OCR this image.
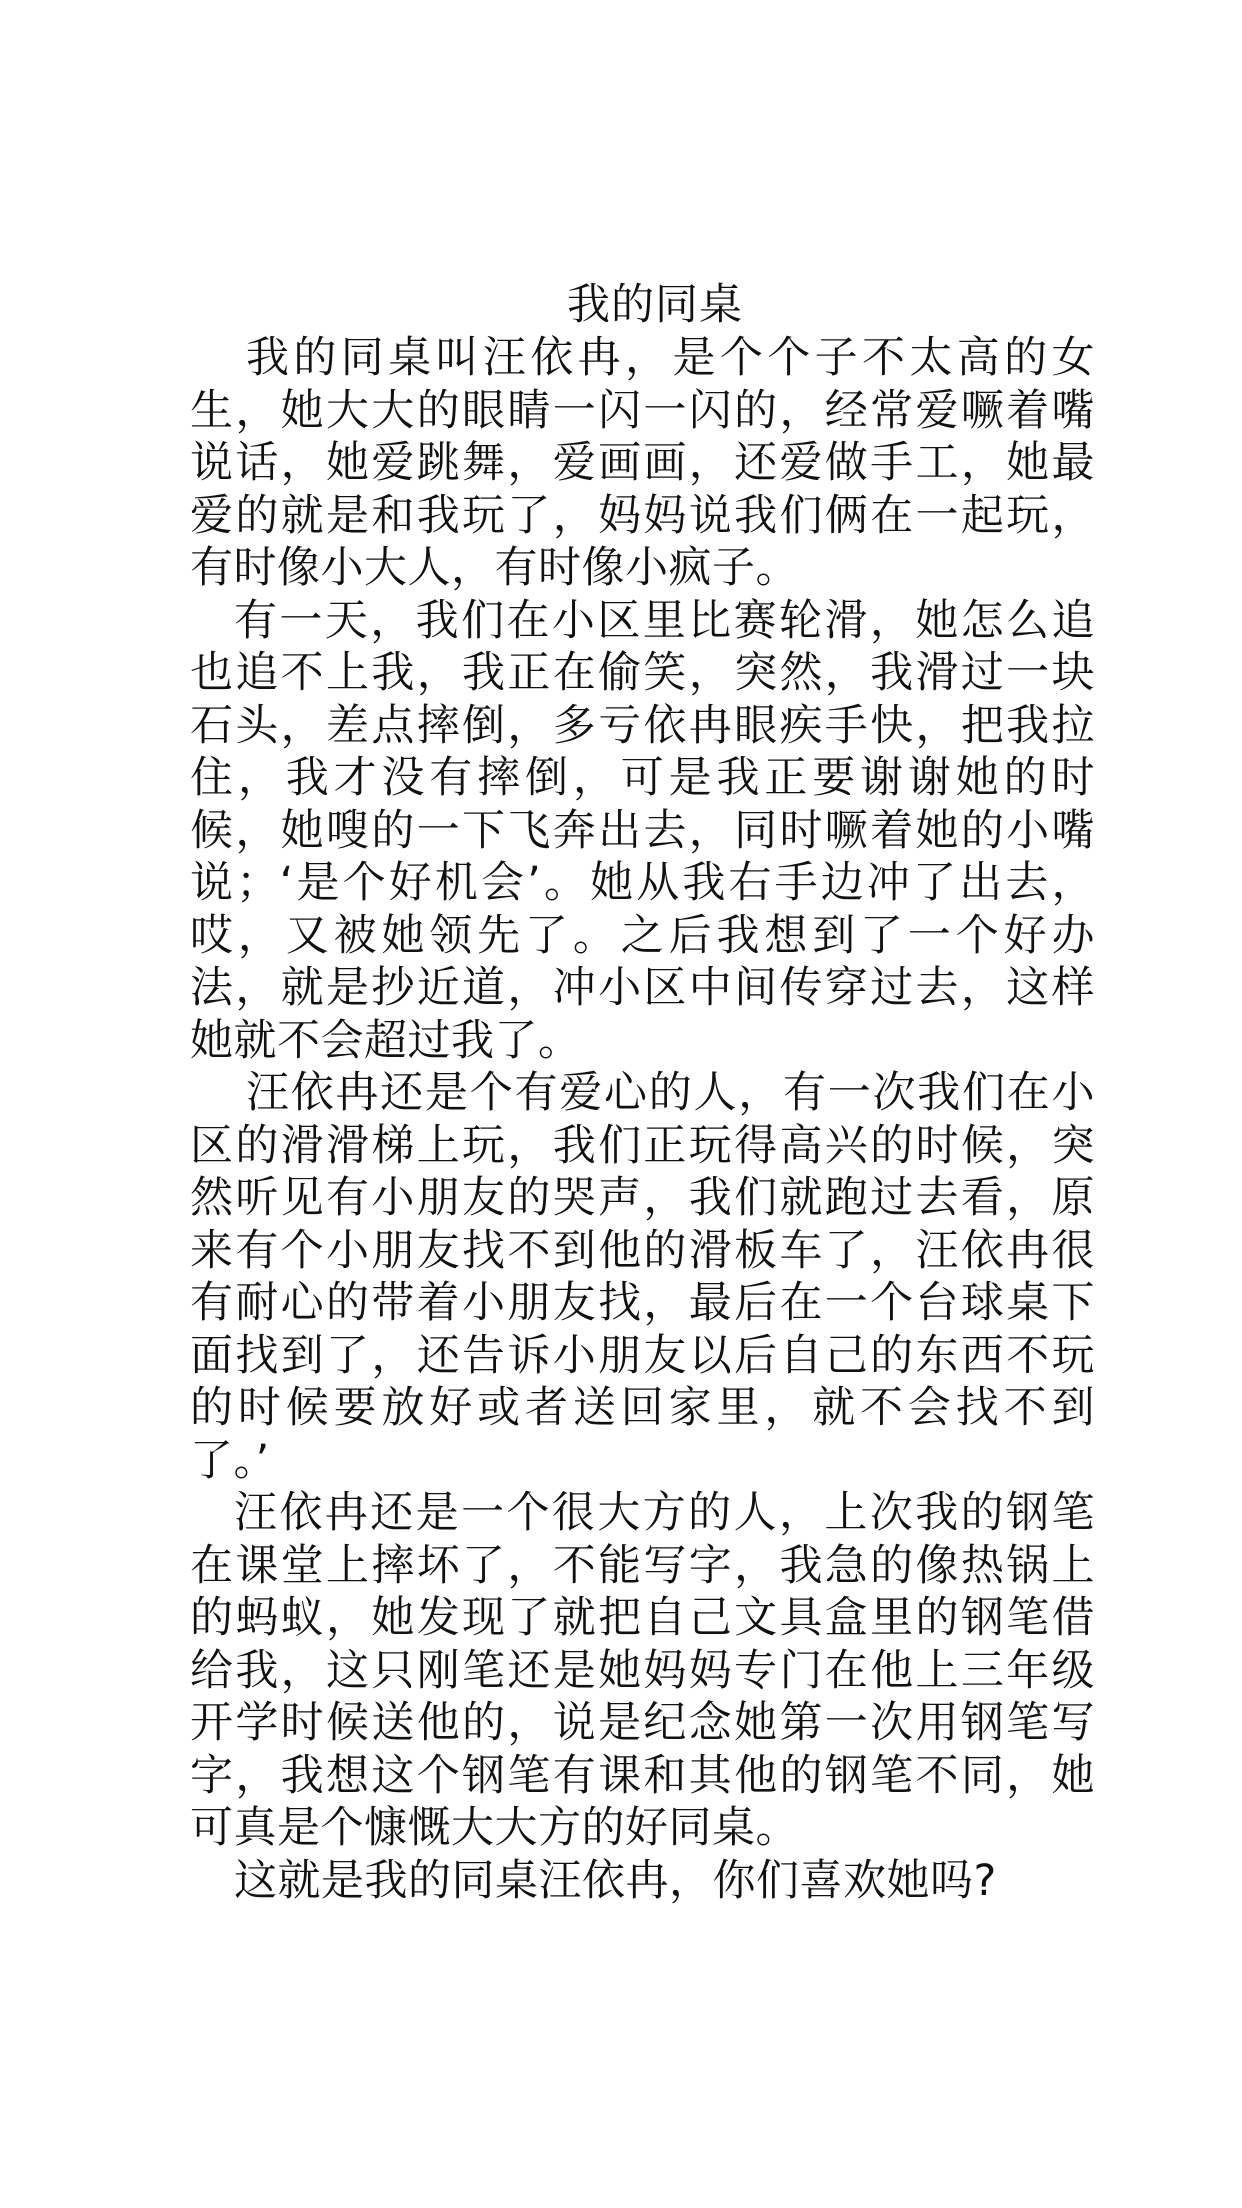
我的同桌

我的同桌叫汪依冉，是个个子不太高的女生，她大大的眼睛一闪一闪的，经常爱噘着嘴说话，她爱跳舞，爱画画，还爱做手工，她最爱的就是和我玩了，妈妈说我们俩在一起玩，有时像小大人，有时像小疯子。

有一天，我们在小区里比赛轮滑，她怎么追也追不上我，我正在偷笑，突然，我滑过一块石头，差点摔倒，多亏依冉眼疾手快，把我拉住，我才没有摔倒，可是我正要谢谢她的时候，她嗖的一下飞奔出去，同时噘着她的小嘴说；‘是个好机会’。她从我右手边冲了出去，哎，又被她领先了。之后我想到了一个好办法，就是抄近道，冲小区中间传穿过去，这样她就不会超过我了。

汪依冉还是个有爱心的人，有一次我们在小区的滑滑梯上玩，我们正玩得高兴的时候，突然听见有小朋友的哭声，我们就跑过去看，原来有个小朋友找不到他的滑板车了，汪依冉很有耐心的带着小朋友找，最后在一个台球桌下面找到了，还告诉小朋友以后自己的东西不玩的时候要放好或者送回家里，就不会找不到了。’

汪依冉还是一个很大方的人，上次我的钢笔在课堂上摔坏了，不能写字，我急的像热锅上的蚂蚁，她发现了就把自己文具盒里的钢笔借给我，这只刚笔还是她妈妈专门在他上三年级开学时候送他的，说是纪念她第一次用钢笔写字，我想这个钢笔有课和其他的钢笔不同，她可真是个慷慨大大方的好同桌。

这就是我的同桌汪依冉，你们喜欢她吗?
